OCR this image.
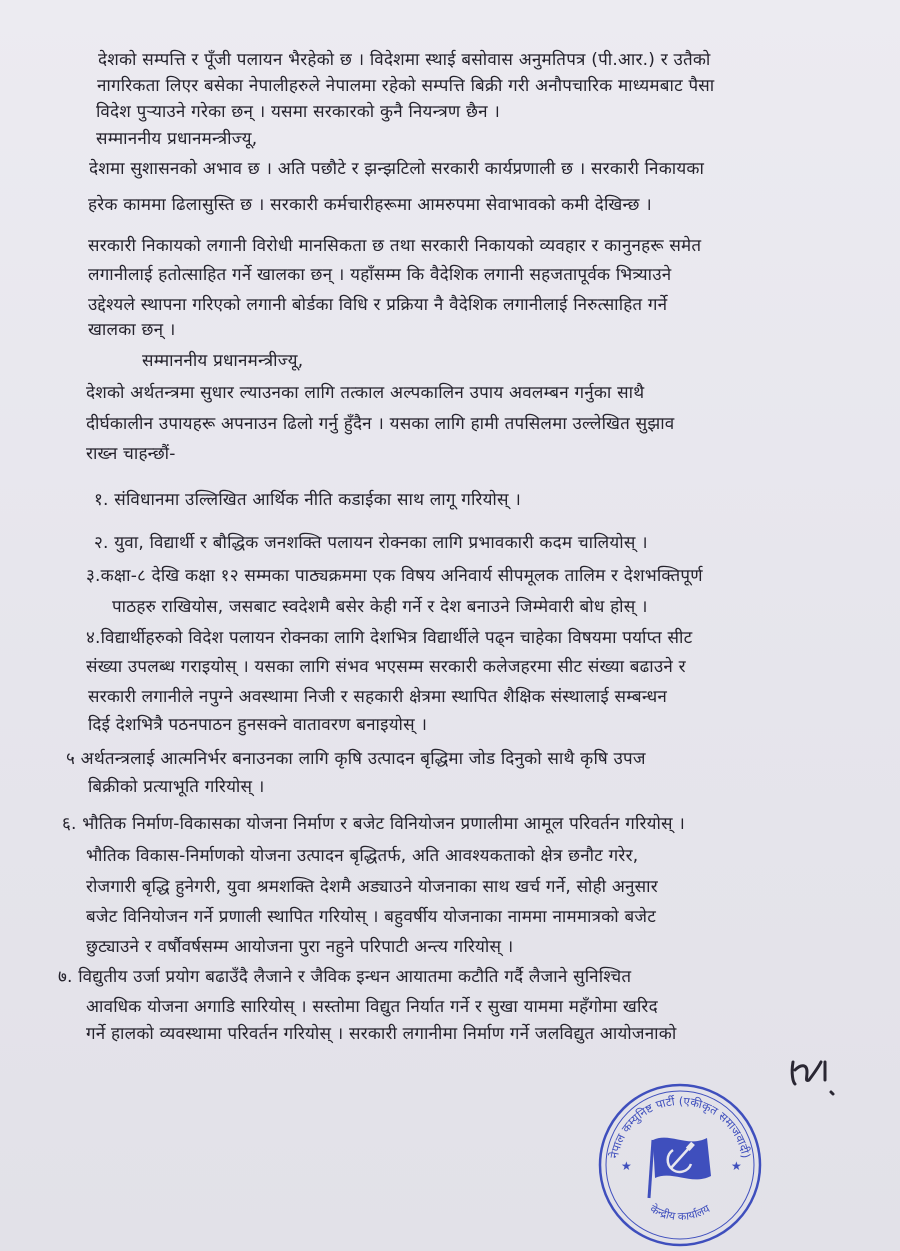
देशको सम्पत्ति र पूँजी पलायन भैरहेको छ । विदेशमा स्थाई बसोवास अनुमतिपत्र (पी.आर.) र उतैको
नागरिकता लिएर बसेका नेपालीहरुले नेपालमा रहेको सम्पत्ति बिक्री गरी अनौपचारिक माध्यमबाट पैसा
विदेश पुऱ्याउने गरेका छन् । यसमा सरकारको कुनै नियन्त्रण छैन ।
सम्माननीय प्रधानमन्त्रीज्यू,
देशमा सुशासनको अभाव छ । अति पछौटे र झन्झटिलो सरकारी कार्यप्रणाली छ । सरकारी निकायका
हरेक काममा ढिलासुस्ति छ । सरकारी कर्मचारीहरूमा आमरुपमा सेवाभावको कमी देखिन्छ ।
सरकारी निकायको लगानी विरोधी मानसिकता छ तथा सरकारी निकायको व्यवहार र कानुनहरू समेत
लगानीलाई हतोत्साहित गर्ने खालका छन् । यहाँसम्म कि वैदेशिक लगानी सहजतापूर्वक भित्र्याउने
उद्देश्यले स्थापना गरिएको लगानी बोर्डका विधि र प्रक्रिया नै वैदेशिक लगानीलाई निरुत्साहित गर्ने
खालका छन् ।
सम्माननीय प्रधानमन्त्रीज्यू,
देशको अर्थतन्त्रमा सुधार ल्याउनका लागि तत्काल अल्पकालिन उपाय अवलम्बन गर्नुका साथै
दीर्घकालीन उपायहरू अपनाउन ढिलो गर्नु हुँदैन । यसका लागि हामी तपसिलमा उल्लेखित सुझाव
राख्न चाहन्छौं-
१. संविधानमा उल्लिखित आर्थिक नीति कडाईका साथ लागू गरियोस् ।
२. युवा, विद्यार्थी र बौद्धिक जनशक्ति पलायन रोक्नका लागि प्रभावकारी कदम चालियोस् ।
३.कक्षा-८ देखि कक्षा १२ सम्मका पाठ्यक्रममा एक विषय अनिवार्य सीपमूलक तालिम र देशभक्तिपूर्ण
पाठहरु राखियोस, जसबाट स्वदेशमै बसेर केही गर्ने र देश बनाउने जिम्मेवारी बोध होस् ।
४.विद्यार्थीहरुको विदेश पलायन रोक्नका लागि देशभित्र विद्यार्थीले पढ्न चाहेका विषयमा पर्याप्त सीट
संख्या उपलब्ध गराइयोस् । यसका लागि संभव भएसम्म सरकारी कलेजहरमा सीट संख्या बढाउने र
सरकारी लगानीले नपुग्ने अवस्थामा निजी र सहकारी क्षेत्रमा स्थापित शैक्षिक संस्थालाई सम्बन्धन
दिई देशभित्रै पठनपाठन हुनसक्ने वातावरण बनाइयोस् ।
५ अर्थतन्त्रलाई आत्मनिर्भर बनाउनका लागि कृषि उत्पादन बृद्धिमा जोड दिनुको साथै कृषि उपज
बिक्रीको प्रत्याभूति गरियोस् ।
६. भौतिक निर्माण-विकासका योजना निर्माण र बजेट विनियोजन प्रणालीमा आमूल परिवर्तन गरियोस् ।
भौतिक विकास-निर्माणको योजना उत्पादन बृद्धितर्फ, अति आवश्यकताको क्षेत्र छनौट गरेर,
रोजगारी बृद्धि हुनेगरी, युवा श्रमशक्ति देशमै अड्याउने योजनाका साथ खर्च गर्ने, सोही अनुसार
बजेट विनियोजन गर्ने प्रणाली स्थापित गरियोस् । बहुवर्षीय योजनाका नाममा नाममात्रको बजेट
छुट्याउने र वर्षौवर्षसम्म आयोजना पुरा नहुने परिपाटी अन्त्य गरियोस् ।
७. विद्युतीय उर्जा प्रयोग बढाउँदै लैजाने र जैविक इन्धन आयातमा कटौति गर्दै लैजाने सुनिश्चित
आवधिक योजना अगाडि सारियोस् । सस्तोमा विद्युत निर्यात गर्ने र सुखा याममा महँगोमा खरिद
गर्ने हालको व्यवस्थामा परिवर्तन गरियोस् । सरकारी लगानीमा निर्माण गर्ने जलविद्युत आयोजनाको
नेपाल कम्युनिष्ट पार्टी (एकीकृत समाजवादी)
केन्द्रीय कार्यालय
★	★
